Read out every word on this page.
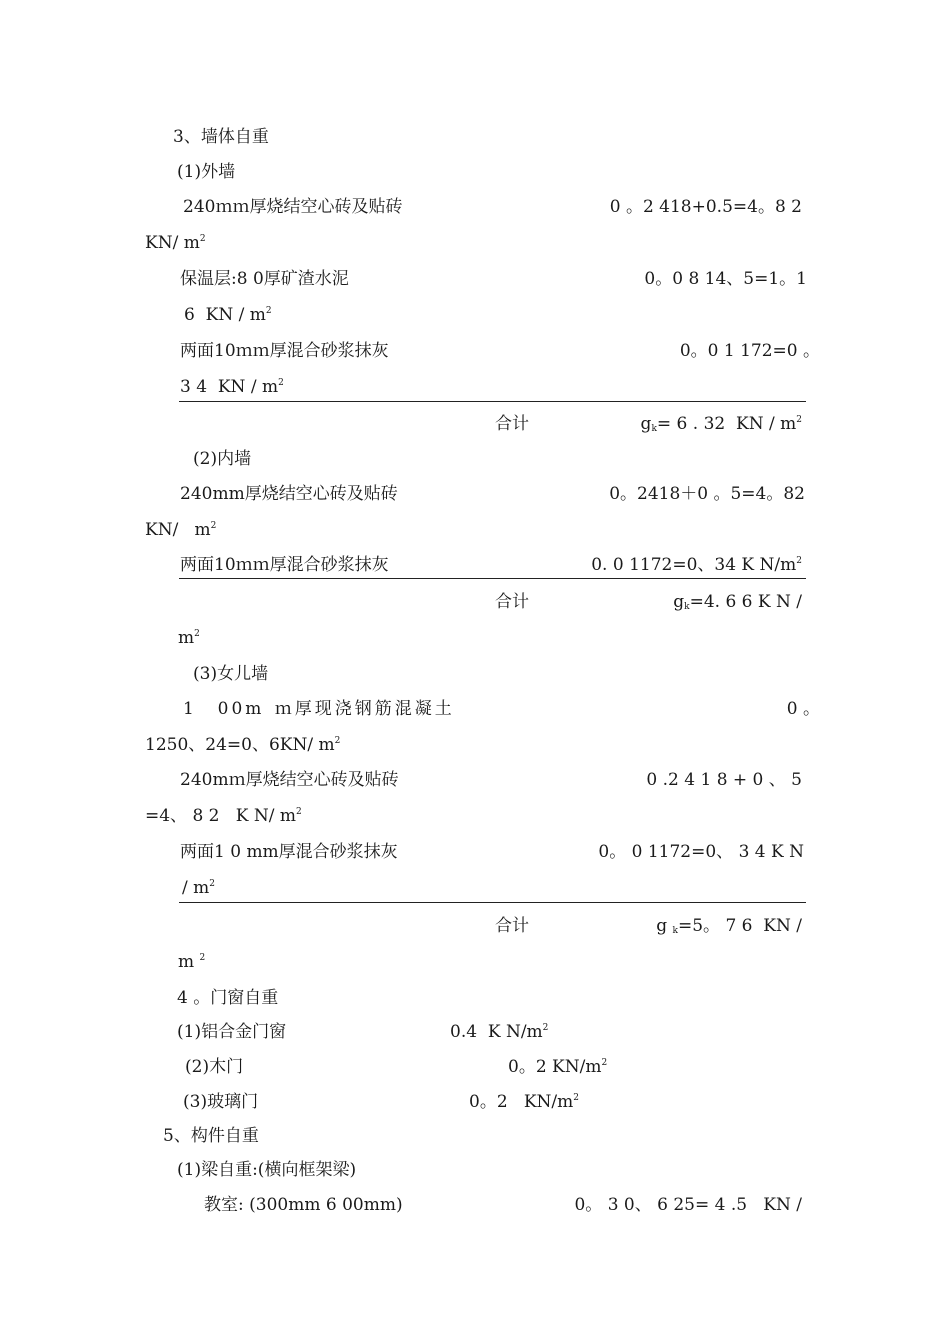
3、墙体自重
(1)外墙
240ｍｍ厚烧结空心砖及贴砖	0 。2 418+0.5=4。8 2
KN/ $m^2$
保温层:8 0厚矿渣水泥	0。0 8 14、5=1。1
6  KN / $m^2$
两面10ｍｍ厚混合砂浆抹灰	0。0 1 172=0 。
3 4  KN / $m^2$
合计	$g_k= 6$ . 32  KN / $m^2$
(2)内墙
240mm厚烧结空心砖及贴砖	0。2418＋0 。5=4。82
KN/   $m^2$
两面10ｍｍ厚混合砂浆抹灰	0. 0 1172=0、34 K $N/m^2$
合计	$g_k=4$. 6 6 K N /
$m^2$
(3)女儿墙
1  00m ｍ厚现浇钢筋混凝土	0 。
1250、24=0、6KN/ $m^2$
240mｍ厚烧结空心砖及贴砖	0 .2 4 1 8 + 0 、 5
=4、 8 2   K N/ $m^2$
两面1 0 mm厚混合砂浆抹灰	0。 0 1172=0、 3 4 K N
/ $m^2$
合计	g $_k$=5。 7 6  KN /
m $^2$
4 。门窗自重
(1)铝合金门窗	0.4  K $N/m^2$
(2)木门	0。2 $KN/m^2$
(3)玻璃门	0。2   $KN/m^2$
5、构件自重
(1)梁自重:(横向框架梁)
教室: (300mm 6 00mm)	0。 3 0、 6 25= 4 .5   KN /
